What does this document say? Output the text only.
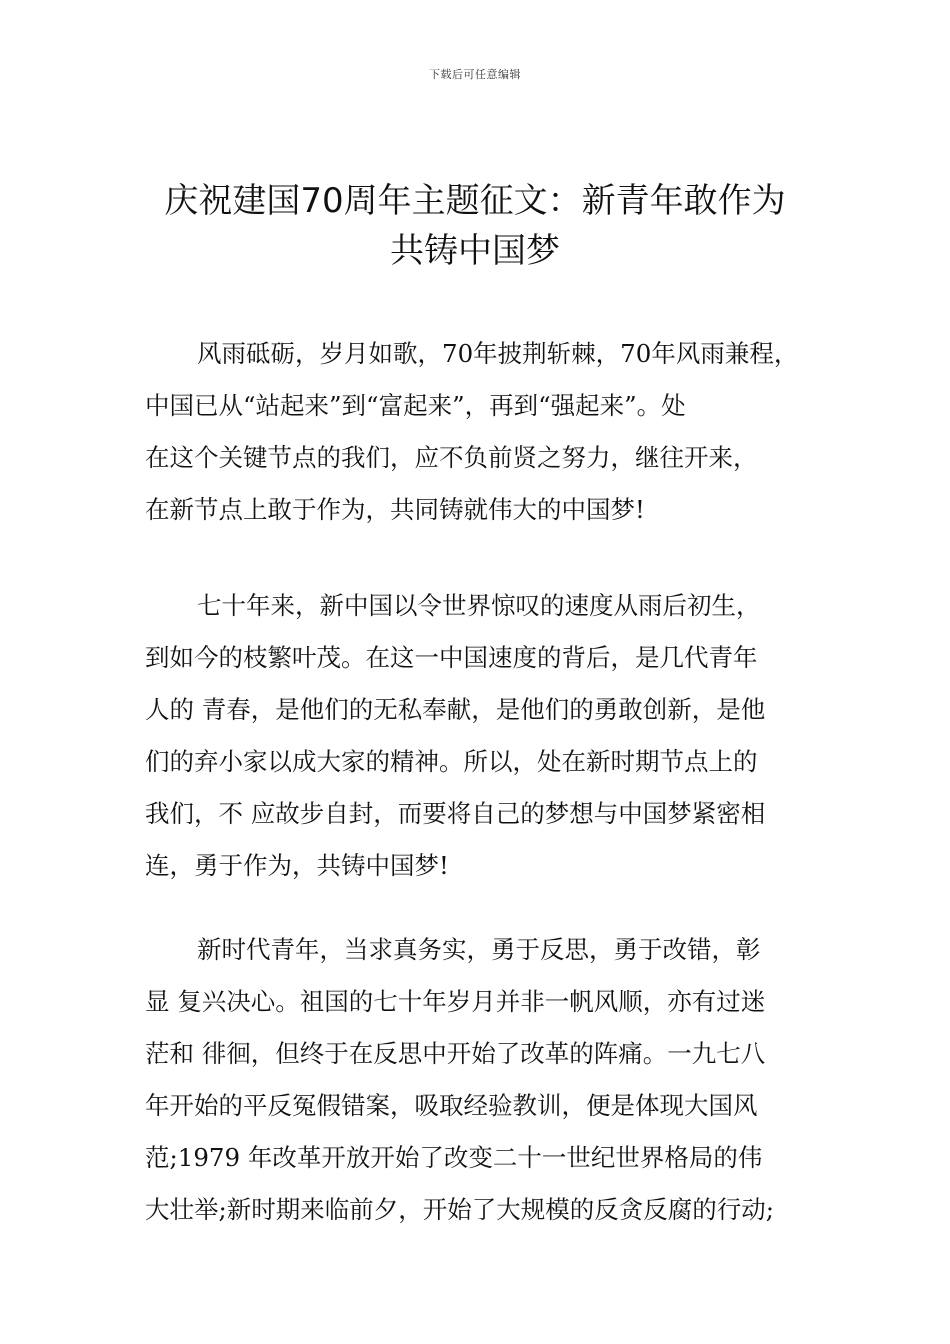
下载后可任意编辑
庆祝建国70周年主题征文：新青年敢作为
共铸中国梦
风雨砥砺，岁月如歌，70年披荆斩棘，70年风雨兼程，
中国已从“站起来”到“富起来”，再到“强起来”。处
在这个关键节点的我们，应不负前贤之努力，继往开来，
在新节点上敢于作为，共同铸就伟大的中国梦!
七十年来，新中国以令世界惊叹的速度从雨后初生，
到如今的枝繁叶茂。在这一中国速度的背后，是几代青年
人的 青春，是他们的无私奉献，是他们的勇敢创新，是他
们的弃小家以成大家的精神。所以，处在新时期节点上的
我们，不 应故步自封，而要将自己的梦想与中国梦紧密相
连，勇于作为，共铸中国梦!
新时代青年，当求真务实，勇于反思，勇于改错，彰
显 复兴决心。祖国的七十年岁月并非一帆风顺，亦有过迷
茫和 徘徊，但终于在反思中开始了改革的阵痛。一九七八
年开始的平反冤假错案，吸取经验教训，便是体现大国风
范;1979 年改革开放开始了改变二十一世纪世界格局的伟
大壮举;新时期来临前夕，开始了大规模的反贪反腐的行动;
